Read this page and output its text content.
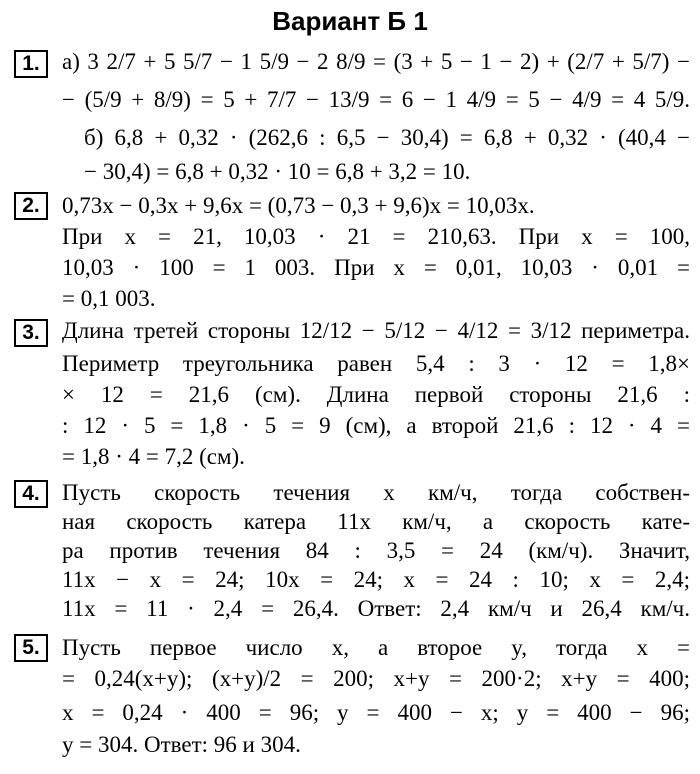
Вариант Б 1
1. а) 3 2/7 + 5 5/7 − 1 5/9 − 2 8/9 = (3 + 5 − 1 − 2) + (2/7 + 5/7) −
− (5/9 + 8/9) = 5 + 7/7 − 13/9 = 6 − 1 4/9 = 5 − 4/9 = 4 5/9.
б) 6,8 + 0,32 · (262,6 : 6,5 − 30,4) = 6,8 + 0,32 · (40,4 −
− 30,4) = 6,8 + 0,32 · 10 = 6,8 + 3,2 = 10.
2. 0,73x − 0,3x + 9,6x = (0,73 − 0,3 + 9,6)x = 10,03x.
При x = 21, 10,03 · 21 = 210,63. При x = 100,
10,03 · 100 = 1 003. При x = 0,01, 10,03 · 0,01 =
= 0,1 003.
3. Длина третей стороны 12/12 − 5/12 − 4/12 = 3/12 периметра.
Периметр треугольника равен 5,4 : 3 · 12 = 1,8×
× 12 = 21,6 (см). Длина первой стороны 21,6 :
: 12 · 5 = 1,8 · 5 = 9 (см), а второй 21,6 : 12 · 4 =
= 1,8 · 4 = 7,2 (см).
4. Пусть скорость течения x км/ч, тогда собствен-
ная скорость катера 11x км/ч, а скорость кате-
ра против течения 84 : 3,5 = 24 (км/ч). Значит,
11x − x = 24; 10x = 24; x = 24 : 10; x = 2,4;
11x = 11 · 2,4 = 26,4. Ответ: 2,4 км/ч и 26,4 км/ч.
5. Пусть первое число x, а второе y, тогда x =
= 0,24(x+y); (x+y)/2 = 200; x+y = 200·2; x+y = 400;
x = 0,24 · 400 = 96; y = 400 − x; y = 400 − 96;
y = 304. Ответ: 96 и 304.
